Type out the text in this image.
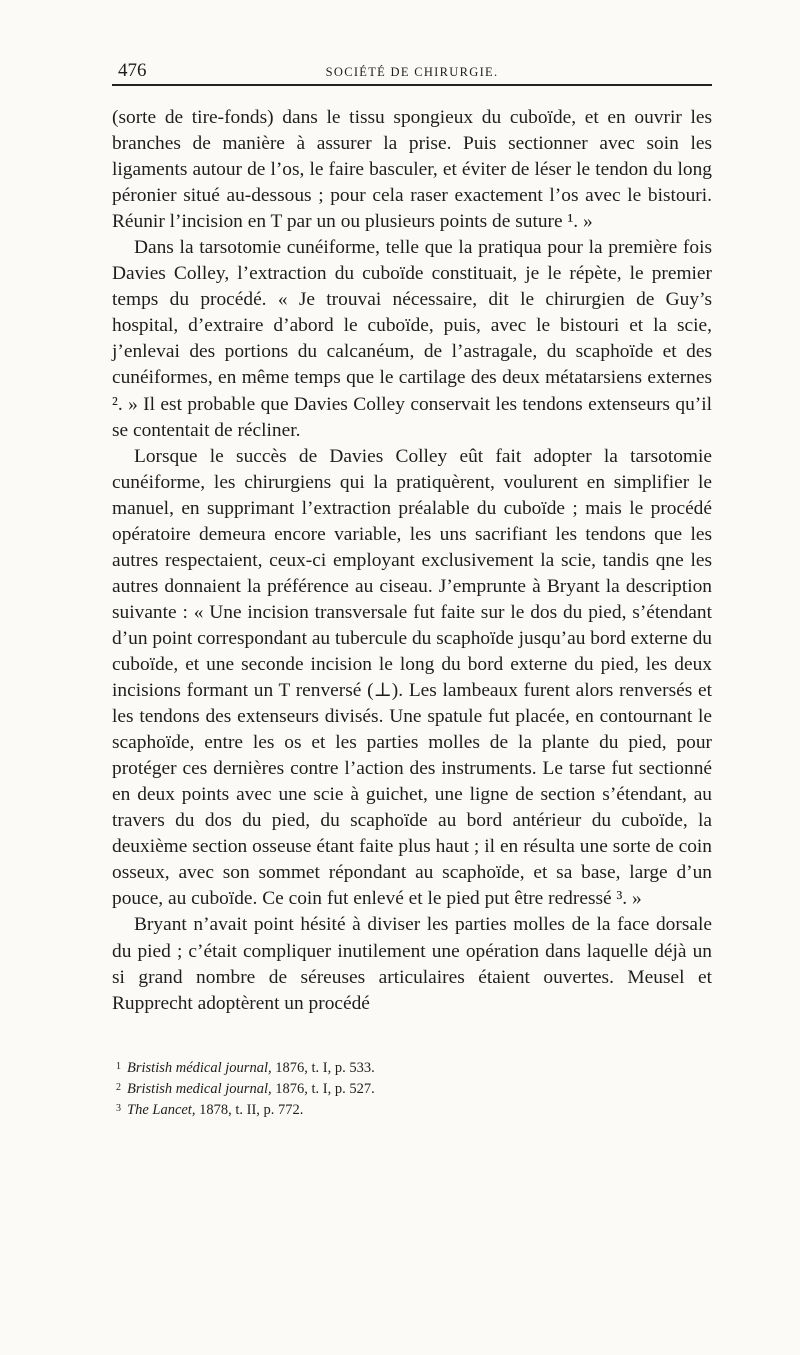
476	SOCIÉTÉ DE CHIRURGIE.

(sorte de tire-fonds) dans le tissu spongieux du cuboïde, et en ouvrir les branches de manière à assurer la prise. Puis sectionner avec soin les ligaments autour de l’os, le faire basculer, et éviter de léser le tendon du long péronier situé au-dessous ; pour cela raser exactement l’os avec le bistouri. Réunir l’incision en T par un ou plusieurs points de suture ¹. »

Dans la tarsotomie cunéiforme, telle que la pratiqua pour la première fois Davies Colley, l’extraction du cuboïde constituait, je le répète, le premier temps du procédé. « Je trouvai nécessaire, dit le chirurgien de Guy’s hospital, d’extraire d’abord le cuboïde, puis, avec le bistouri et la scie, j’enlevai des portions du calcanéum, de l’astragale, du scaphoïde et des cunéiformes, en même temps que le cartilage des deux métatarsiens externes ². » Il est probable que Davies Colley conservait les tendons extenseurs qu’il se contentait de récliner.

Lorsque le succès de Davies Colley eût fait adopter la tarsotomie cunéiforme, les chirurgiens qui la pratiquèrent, voulurent en simplifier le manuel, en supprimant l’extraction préalable du cuboïde ; mais le procédé opératoire demeura encore variable, les uns sacrifiant les tendons que les autres respectaient, ceux-ci employant exclusivement la scie, tandis qne les autres donnaient la préférence au ciseau. J’emprunte à Bryant la description suivante : « Une incision transversale fut faite sur le dos du pied, s’étendant d’un point correspondant au tubercule du scaphoïde jusqu’au bord externe du cuboïde, et une seconde incision le long du bord externe du pied, les deux incisions formant un T renversé (⊥). Les lambeaux furent alors renversés et les tendons des extenseurs divisés. Une spatule fut placée, en contournant le scaphoïde, entre les os et les parties molles de la plante du pied, pour protéger ces dernières contre l’action des instruments. Le tarse fut sectionné en deux points avec une scie à guichet, une ligne de section s’étendant, au travers du dos du pied, du scaphoïde au bord antérieur du cuboïde, la deuxième section osseuse étant faite plus haut ; il en résulta une sorte de coin osseux, avec son sommet répondant au scaphoïde, et sa base, large d’un pouce, au cuboïde. Ce coin fut enlevé et le pied put être redressé ³. »

Bryant n’avait point hésité à diviser les parties molles de la face dorsale du pied ; c’était compliquer inutilement une opération dans laquelle déjà un si grand nombre de séreuses articulaires étaient ouvertes. Meusel et Rupprecht adoptèrent un procédé

$^1$ Bristish médical journal, 1876, t. I, p. 533.
$^2$ Bristish medical journal, 1876, t. I, p. 527.
$^3$ The Lancet, 1878, t. II, p. 772.
